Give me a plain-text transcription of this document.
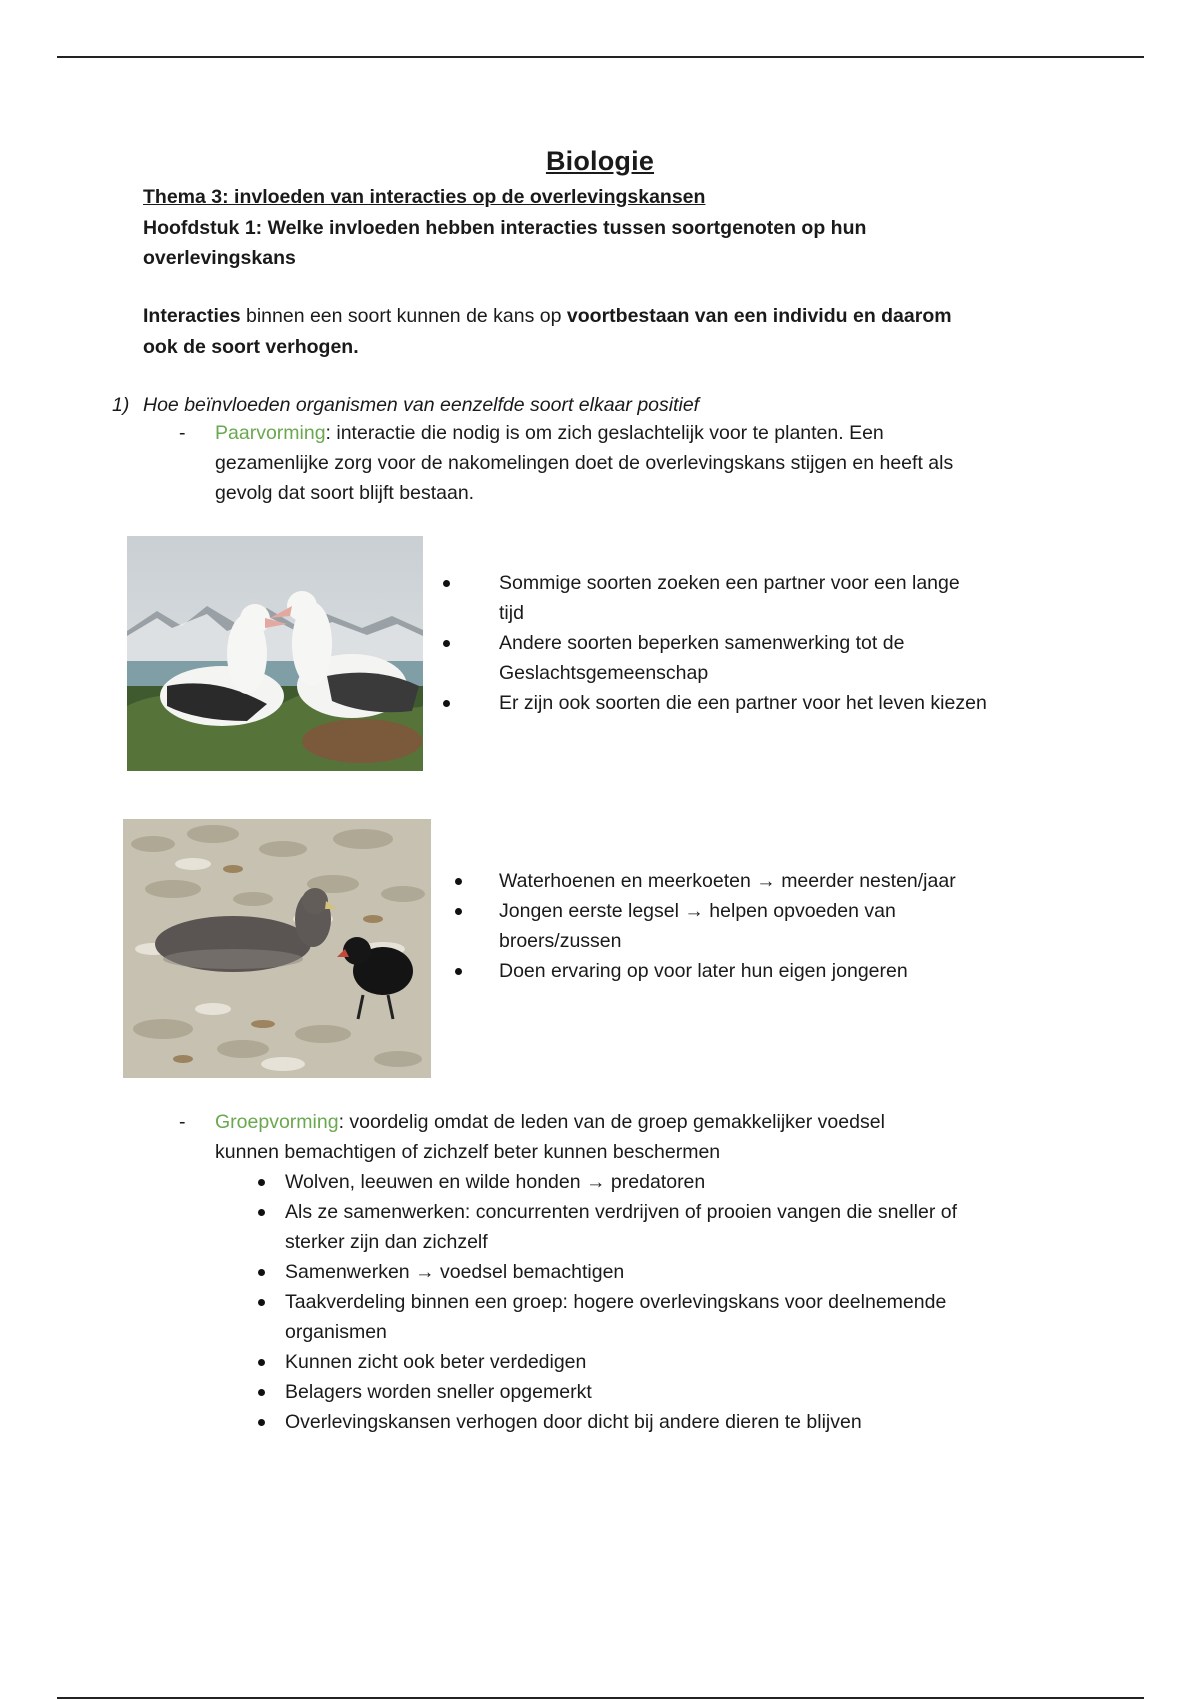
Biologie
Thema 3: invloeden van interacties op de overlevingskansen
Hoofdstuk 1: Welke invloeden hebben interacties tussen soortgenoten op hun
overlevingskans
Interacties binnen een soort kunnen de kans op voortbestaan van een individu en daarom
ook de soort verhogen.
1) Hoe beïnvloeden organismen van eenzelfde soort elkaar positief
- Paarvorming: interactie die nodig is om zich geslachtelijk voor te planten. Een
gezamenlijke zorg voor de nakomelingen doet de overlevingskans stijgen en heeft als
gevolg dat soort blijft bestaan.
Sommige soorten zoeken een partner voor een lange
tijd
Andere soorten beperken samenwerking tot de
Geslachtsgemeenschap
Er zijn ook soorten die een partner voor het leven kiezen
Waterhoenen en meerkoeten → meerder nesten/jaar
Jongen eerste legsel → helpen opvoeden van
broers/zussen
Doen ervaring op voor later hun eigen jongeren
- Groepvorming: voordelig omdat de leden van de groep gemakkelijker voedsel
kunnen bemachtigen of zichzelf beter kunnen beschermen
Wolven, leeuwen en wilde honden → predatoren
Als ze samenwerken: concurrenten verdrijven of prooien vangen die sneller of
sterker zijn dan zichzelf
Samenwerken → voedsel bemachtigen
Taakverdeling binnen een groep: hogere overlevingskans voor deelnemende
organismen
Kunnen zicht ook beter verdedigen
Belagers worden sneller opgemerkt
Overlevingskansen verhogen door dicht bij andere dieren te blijven
